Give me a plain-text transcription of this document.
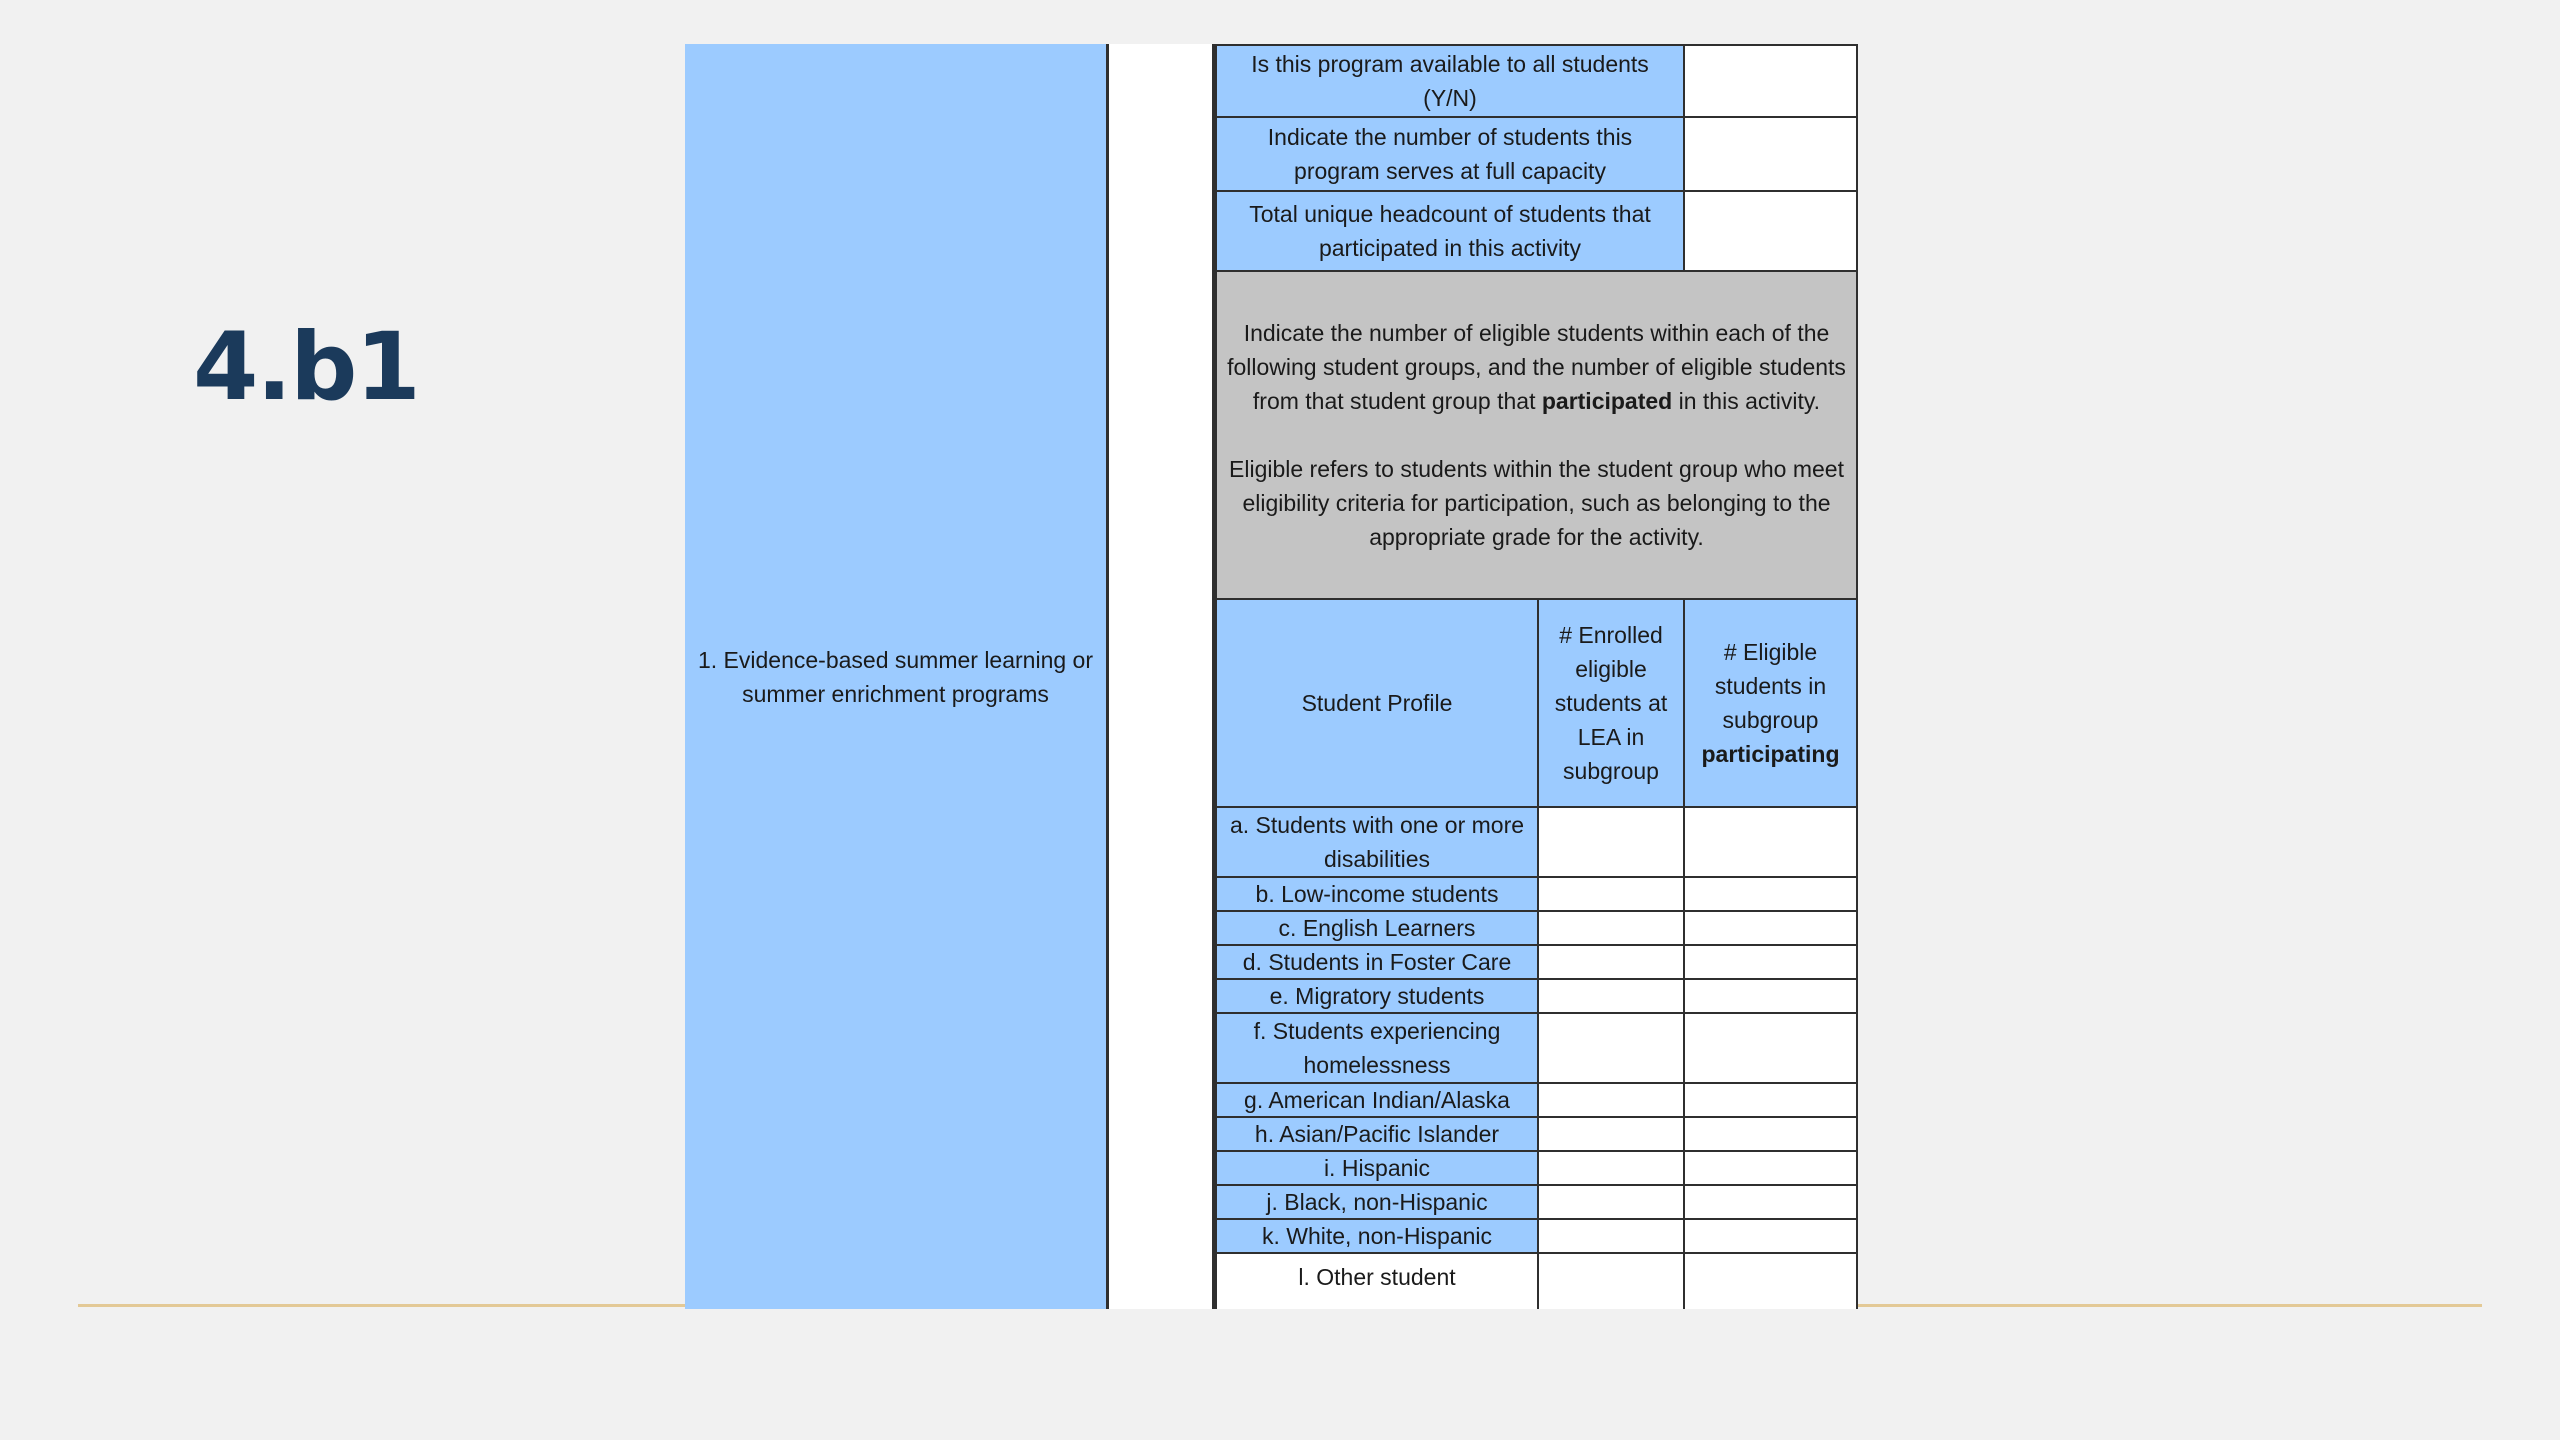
4.b1
1. Evidence-based summer learning or summer enrichment programs
Is this program available to all students (Y/N)
Indicate the number of students this program serves at full capacity
Total unique headcount of students that participated in this activity

Indicate the number of eligible students within each of the following student groups, and the number of eligible students from that student group that participated in this activity.

Eligible refers to students within the student group who meet eligibility criteria for participation, such as belonging to the appropriate grade for the activity.

Student Profile
# Enrolled eligible students at LEA in subgroup
# Eligible students in subgroup participating
a. Students with one or more disabilities
b. Low-income students
c. English Learners
d. Students in Foster Care
e. Migratory students
f. Students experiencing homelessness
g. American Indian/Alaska
h. Asian/Pacific Islander
i. Hispanic
j. Black, non-Hispanic
k. White, non-Hispanic
l. Other student
